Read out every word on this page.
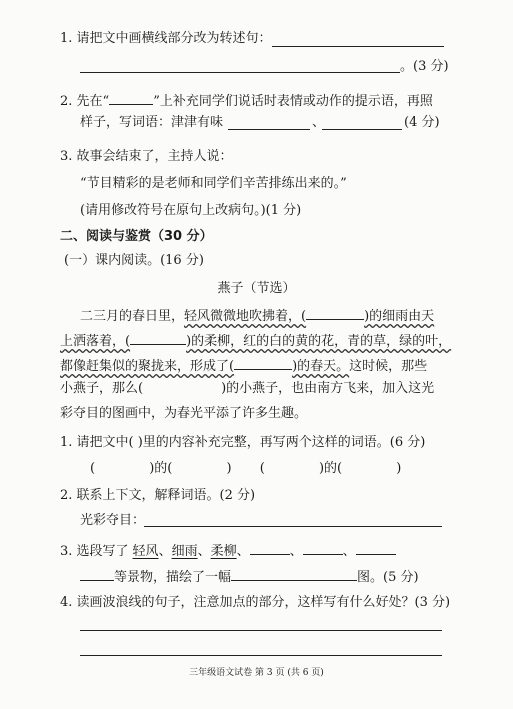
1. 请把文中画横线部分改为转述句：
。(3 分)
2. 先在“	”上补充同学们说话时表情或动作的提示语，再照
样子，写词语：津津有味	、	(4 分)
3. 故事会结束了，主持人说：
“节目精彩的是老师和同学们辛苦排练出来的。”
(请用修改符号在原句上改病句。)(1 分)
二、阅读与鉴赏（30 分）
(一）课内阅读。(16 分)
燕子（节选）
二三月的春日里，轻风微微地吹拂着，(	)的细雨由天
上洒落着，(	)的柔柳，红的白的黄的花，青的草，绿的叶，
都像赶集似的聚拢来，形成了(	)的春天。这时候，那些
小燕子，那么(	)的小燕子，也由南方飞来，加入这光
彩夺目的图画中，为春光平添了许多生趣。
1. 请把文中( )里的内容补充完整，再写两个这样的词语。(6 分)
(	)的(	) (	)的(	)
2. 联系上下文，解释词语。(2 分)
光彩夺目：
3. 选段写了 轻风、细雨、柔柳、	、	、
等景物，描绘了一幅	图。(5 分)
4. 读画波浪线的句子，注意加点的部分，这样写有什么好处？(3 分)
三年级语文试卷 第 3 页 (共 6 页)
